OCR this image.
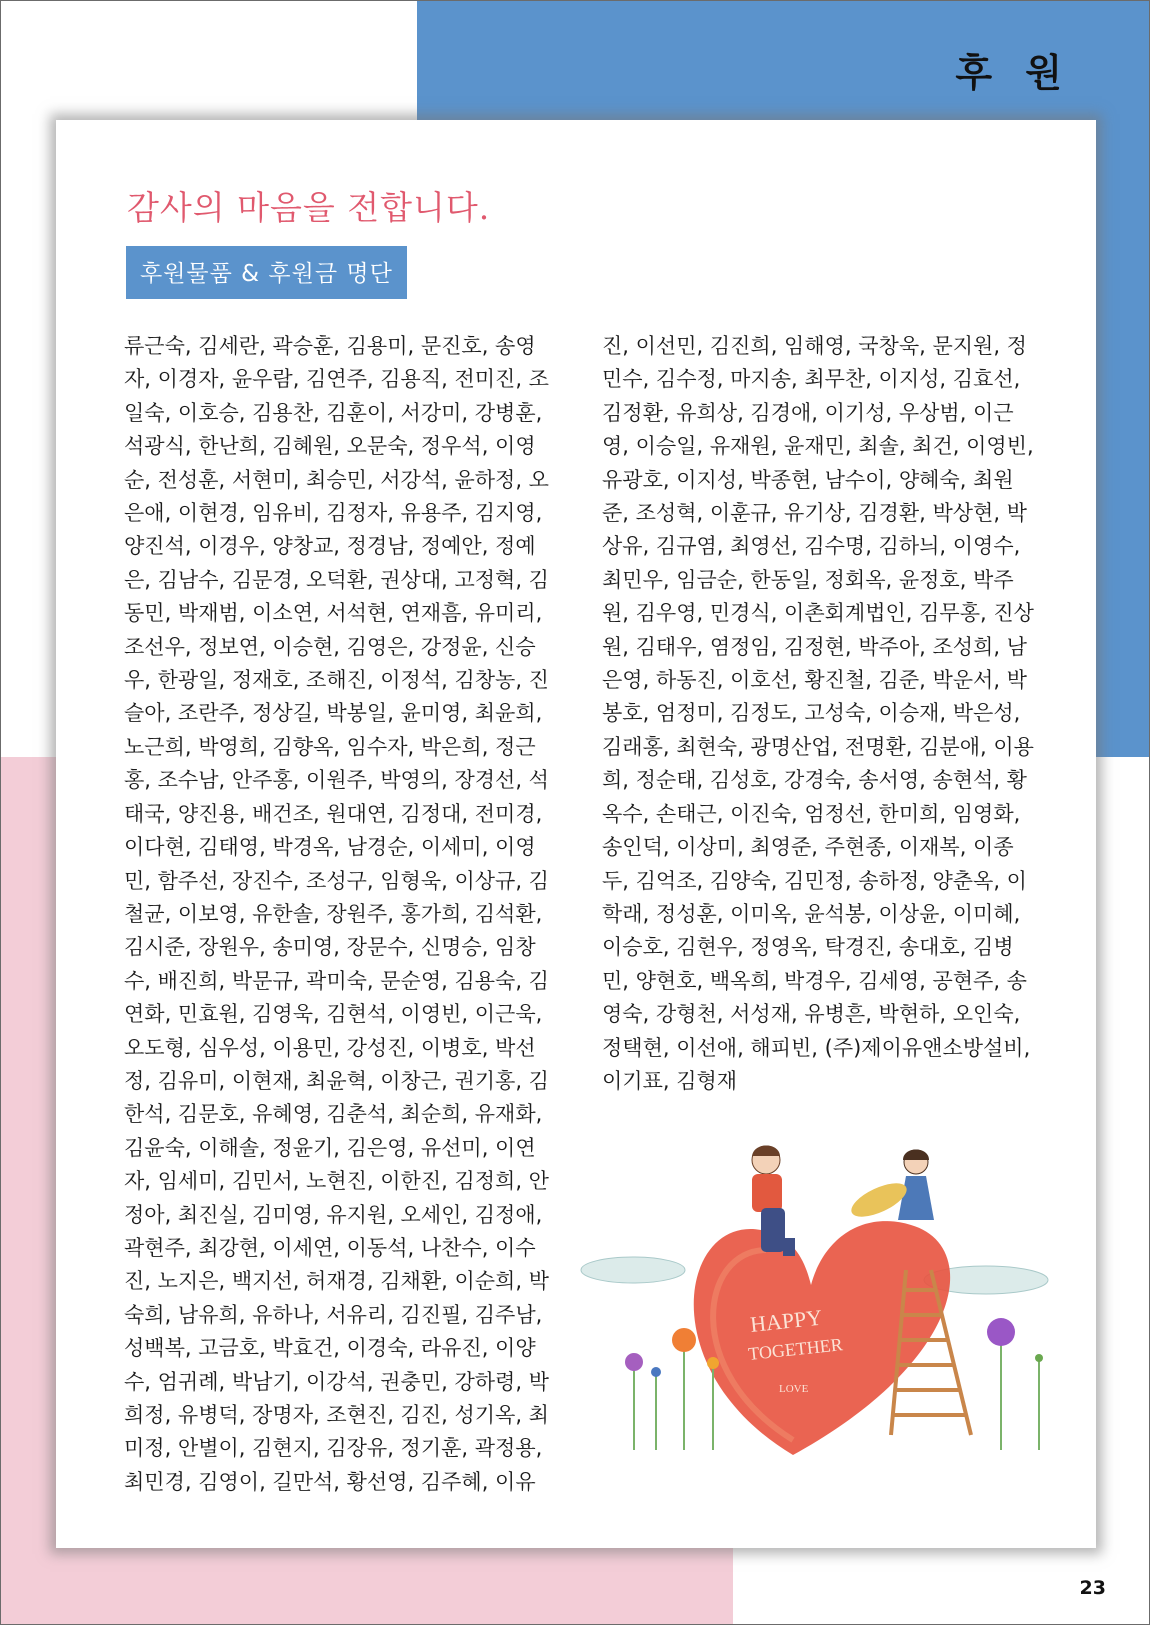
후 원
감사의 마음을 전합니다.
후원물품 & 후원금 명단
류근숙, 김세란, 곽승훈, 김용미, 문진호, 송영
자, 이경자, 윤우람, 김연주, 김용직, 전미진, 조
일숙, 이호승, 김용찬, 김훈이, 서강미, 강병훈,
석광식, 한난희, 김혜원, 오문숙, 정우석, 이영
순, 전성훈, 서현미, 최승민, 서강석, 윤하정, 오
은애, 이현경, 임유비, 김정자, 유용주, 김지영,
양진석, 이경우, 양창교, 정경남, 정예안, 정예
은, 김남수, 김문경, 오덕환, 권상대, 고정혁, 김
동민, 박재범, 이소연, 서석현, 연재흠, 유미리,
조선우, 정보연, 이승현, 김영은, 강정윤, 신승
우, 한광일, 정재호, 조해진, 이정석, 김창농, 진
슬아, 조란주, 정상길, 박봉일, 윤미영, 최윤희,
노근희, 박영희, 김향옥, 임수자, 박은희, 정근
홍, 조수남, 안주홍, 이원주, 박영의, 장경선, 석
태국, 양진용, 배건조, 원대연, 김정대, 전미경,
이다현, 김태영, 박경옥, 남경순, 이세미, 이영
민, 함주선, 장진수, 조성구, 임형욱, 이상규, 김
철균, 이보영, 유한솔, 장원주, 홍가희, 김석환,
김시준, 장원우, 송미영, 장문수, 신명승, 임창
수, 배진희, 박문규, 곽미숙, 문순영, 김용숙, 김
연화, 민효원, 김영욱, 김현석, 이영빈, 이근욱,
오도형, 심우성, 이용민, 강성진, 이병호, 박선
정, 김유미, 이현재, 최윤혁, 이창근, 권기홍, 김
한석, 김문호, 유혜영, 김춘석, 최순희, 유재화,
김윤숙, 이해솔, 정윤기, 김은영, 유선미, 이연
자, 임세미, 김민서, 노현진, 이한진, 김정희, 안
정아, 최진실, 김미영, 유지원, 오세인, 김정애,
곽현주, 최강현, 이세연, 이동석, 나찬수, 이수
진, 노지은, 백지선, 허재경, 김채환, 이순희, 박
숙희, 남유희, 유하나, 서유리, 김진필, 김주남,
성백복, 고금호, 박효건, 이경숙, 라유진, 이양
수, 엄귀례, 박남기, 이강석, 권충민, 강하령, 박
희정, 유병덕, 장명자, 조현진, 김진, 성기옥, 최
미정, 안별이, 김현지, 김장유, 정기훈, 곽정용,
최민경, 김영이, 길만석, 황선영, 김주혜, 이유
진, 이선민, 김진희, 임해영, 국창욱, 문지원, 정
민수, 김수정, 마지송, 최무찬, 이지성, 김효선,
김정환, 유희상, 김경애, 이기성, 우상범, 이근
영, 이승일, 유재원, 윤재민, 최솔, 최건, 이영빈,
유광호, 이지성, 박종현, 남수이, 양혜숙, 최원
준, 조성혁, 이훈규, 유기상, 김경환, 박상현, 박
상유, 김규염, 최영선, 김수명, 김하늬, 이영수,
최민우, 임금순, 한동일, 정회옥, 윤정호, 박주
원, 김우영, 민경식, 이촌회계법인, 김무홍, 진상
원, 김태우, 염정임, 김정현, 박주아, 조성희, 남
은영, 하동진, 이호선, 황진철, 김준, 박운서, 박
봉호, 엄정미, 김정도, 고성숙, 이승재, 박은성,
김래홍, 최현숙, 광명산업, 전명환, 김분애, 이용
희, 정순태, 김성호, 강경숙, 송서영, 송현석, 황
옥수, 손태근, 이진숙, 엄정선, 한미희, 임영화,
송인덕, 이상미, 최영준, 주현종, 이재복, 이종
두, 김억조, 김양숙, 김민정, 송하정, 양춘옥, 이
학래, 정성훈, 이미옥, 윤석봉, 이상윤, 이미혜,
이승호, 김현우, 정영옥, 탁경진, 송대호, 김병
민, 양현호, 백옥희, 박경우, 김세영, 공현주, 송
영숙, 강형천, 서성재, 유병흔, 박현하, 오인숙,
정택현, 이선애, 해피빈, (주)제이유앤소방설비,
이기표, 김형재
HAPPY
TOGETHER
LOVE
23
